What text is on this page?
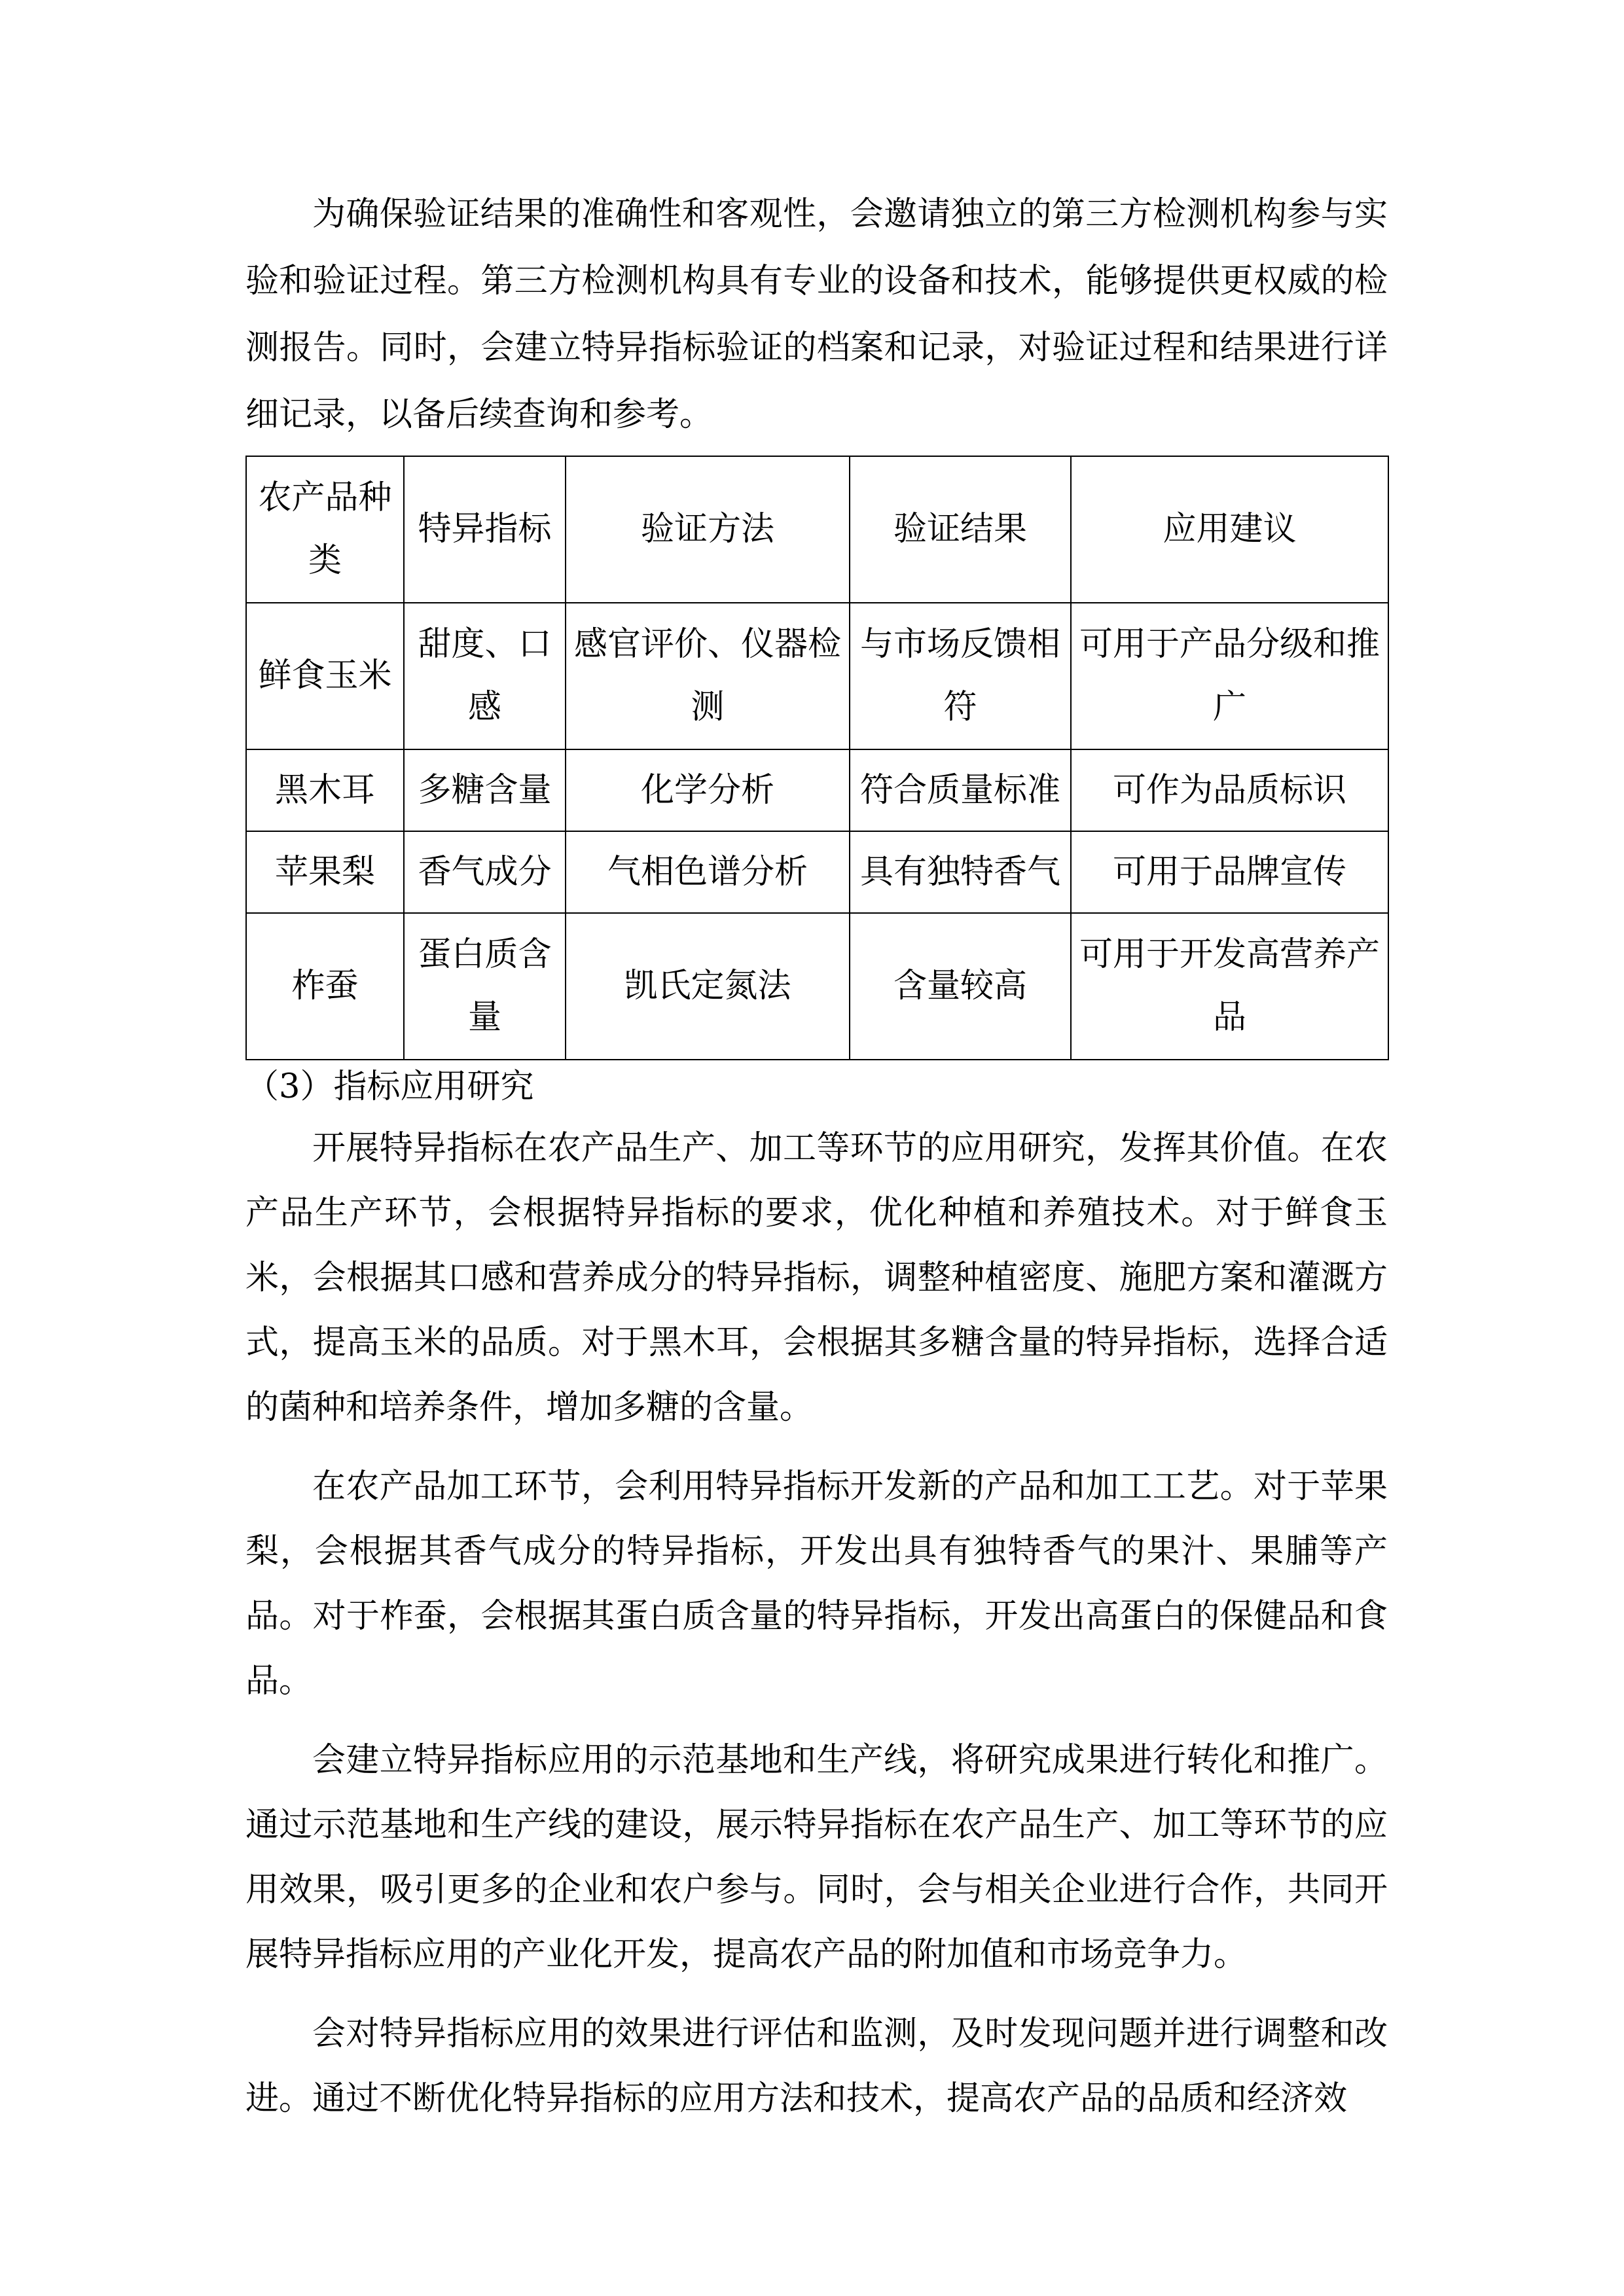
为确保验证结果的准确性和客观性，会邀请独立的第三方检测机构参与实验和验证过程。第三方检测机构具有专业的设备和技术，能够提供更权威的检测报告。同时，会建立特异指标验证的档案和记录，对验证过程和结果进行详细记录，以备后续查询和参考。

农产品种类	特异指标	验证方法	验证结果	应用建议
鲜食玉米	甜度、口感	感官评价、仪器检测	与市场反馈相符	可用于产品分级和推广
黑木耳	多糖含量	化学分析	符合质量标准	可作为品质标识
苹果梨	香气成分	气相色谱分析	具有独特香气	可用于品牌宣传
柞蚕	蛋白质含量	凯氏定氮法	含量较高	可用于开发高营养产品

（3）指标应用研究

开展特异指标在农产品生产、加工等环节的应用研究，发挥其价值。在农产品生产环节，会根据特异指标的要求，优化种植和养殖技术。对于鲜食玉米，会根据其口感和营养成分的特异指标，调整种植密度、施肥方案和灌溉方式，提高玉米的品质。对于黑木耳，会根据其多糖含量的特异指标，选择合适的菌种和培养条件，增加多糖的含量。

在农产品加工环节，会利用特异指标开发新的产品和加工工艺。对于苹果梨，会根据其香气成分的特异指标，开发出具有独特香气的果汁、果脯等产品。对于柞蚕，会根据其蛋白质含量的特异指标，开发出高蛋白的保健品和食品。

会建立特异指标应用的示范基地和生产线，将研究成果进行转化和推广。通过示范基地和生产线的建设，展示特异指标在农产品生产、加工等环节的应用效果，吸引更多的企业和农户参与。同时，会与相关企业进行合作，共同开展特异指标应用的产业化开发，提高农产品的附加值和市场竞争力。

会对特异指标应用的效果进行评估和监测，及时发现问题并进行调整和改进。通过不断优化特异指标的应用方法和技术，提高农产品的品质和经济效
